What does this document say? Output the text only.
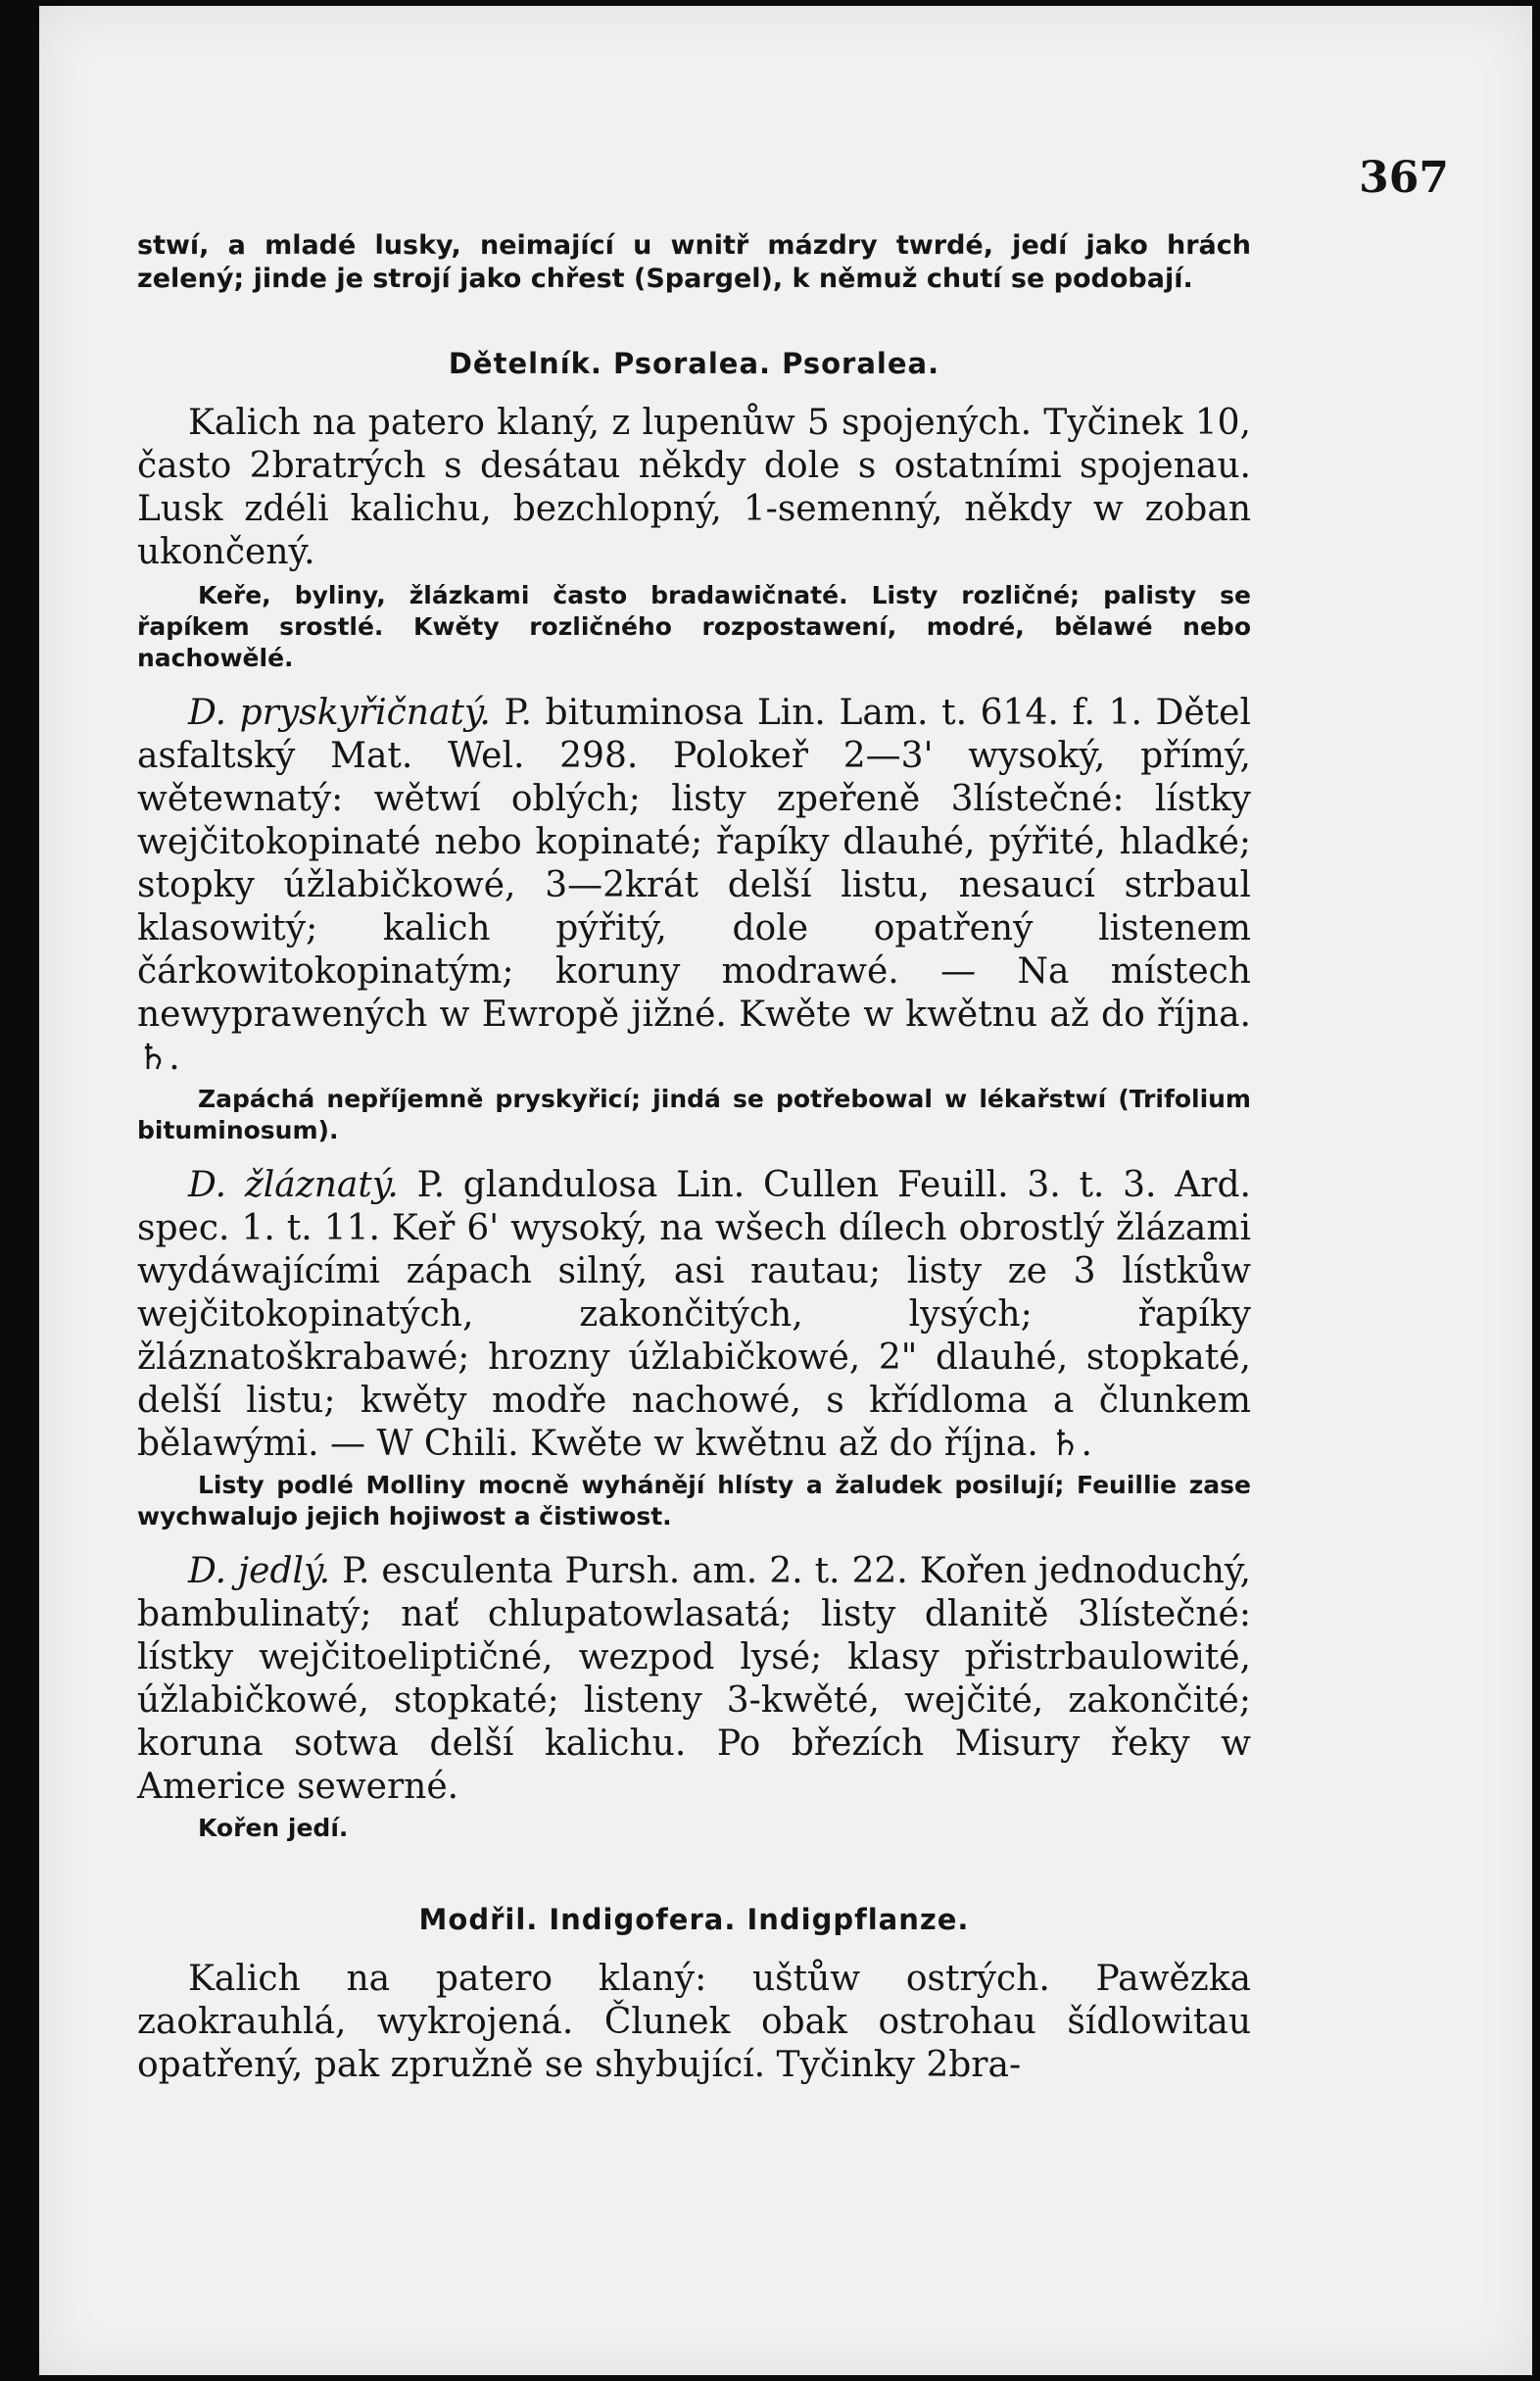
367

stwí, a mladé lusky, neimající u wnitř mázdry twrdé, jedí jako hrách zelený; jinde je strojí jako chřest (Spargel), k němuž chutí se podobají.

Dětelník. Psoralea. Psoralea.

Kalich na patero klaný, z lupenůw 5 spojených. Tyčinek 10, často 2bratrých s desátau někdy dole s ostatními spojenau. Lusk zdéli kalichu, bezchlopný, 1-semenný, někdy w zoban ukončený.

Keře, byliny, žlázkami často bradawičnaté. Listy rozličné; palisty se řapíkem srostlé. Kwěty rozličného rozpostawení, modré, bělawé nebo nachowělé.

D. pryskyřičnatý. P. bituminosa Lin. Lam. t. 614. f. 1. Dětel asfaltský Mat. Wel. 298. Polokeř 2—3' wysoký, přímý, wětewnatý: wětwí oblých; listy zpeřeně 3lístečné: lístky wejčitokopinaté nebo kopinaté; řapíky dlauhé, pýřité, hladké; stopky úžlabičkowé, 3—2krát delší listu, nesaucí strbaul klasowitý; kalich pýřitý, dole opatřený listenem čárkowitokopinatým; koruny modrawé. — Na místech newyprawených w Ewropě jižné. Kwěte w kwětnu až do října. ♄.

Zapáchá nepříjemně pryskyřicí; jindá se potřebowal w lékařstwí (Trifolium bituminosum).

D. žláznatý. P. glandulosa Lin. Cullen Feuill. 3. t. 3. Ard. spec. 1. t. 11. Keř 6' wysoký, na wšech dílech obrostlý žlázami wydáwajícími zápach silný, asi rautau; listy ze 3 lístkůw wejčitokopinatých, zakončitých, lysých; řapíky žláznatoškrabawé; hrozny úžlabičkowé, 2" dlauhé, stopkaté, delší listu; kwěty modře nachowé, s křídloma a člunkem bělawými. — W Chili. Kwěte w kwětnu až do října. ♄.

Listy podlé Molliny mocně wyhánějí hlísty a žaludek posilují; Feuillie zase wychwalujo jejich hojiwost a čistiwost.

D. jedlý. P. esculenta Pursh. am. 2. t. 22. Kořen jednoduchý, bambulinatý; nať chlupatowlasatá; listy dlanitě 3lístečné: lístky wejčitoeliptičné, wezpod lysé; klasy přistrbaulowité, úžlabičkowé, stopkaté; listeny 3-kwěté, wejčité, zakončité; koruna sotwa delší kalichu. Po březích Misury řeky w Americe sewerné.

Kořen jedí.

Modřil. Indigofera. Indigpflanze.

Kalich na patero klaný: uštůw ostrých. Pawězka zaokrauhlá, wykrojená. Člunek obak ostrohau šídlowitau opatřený, pak zpružně se shybující. Tyčinky 2bra-
